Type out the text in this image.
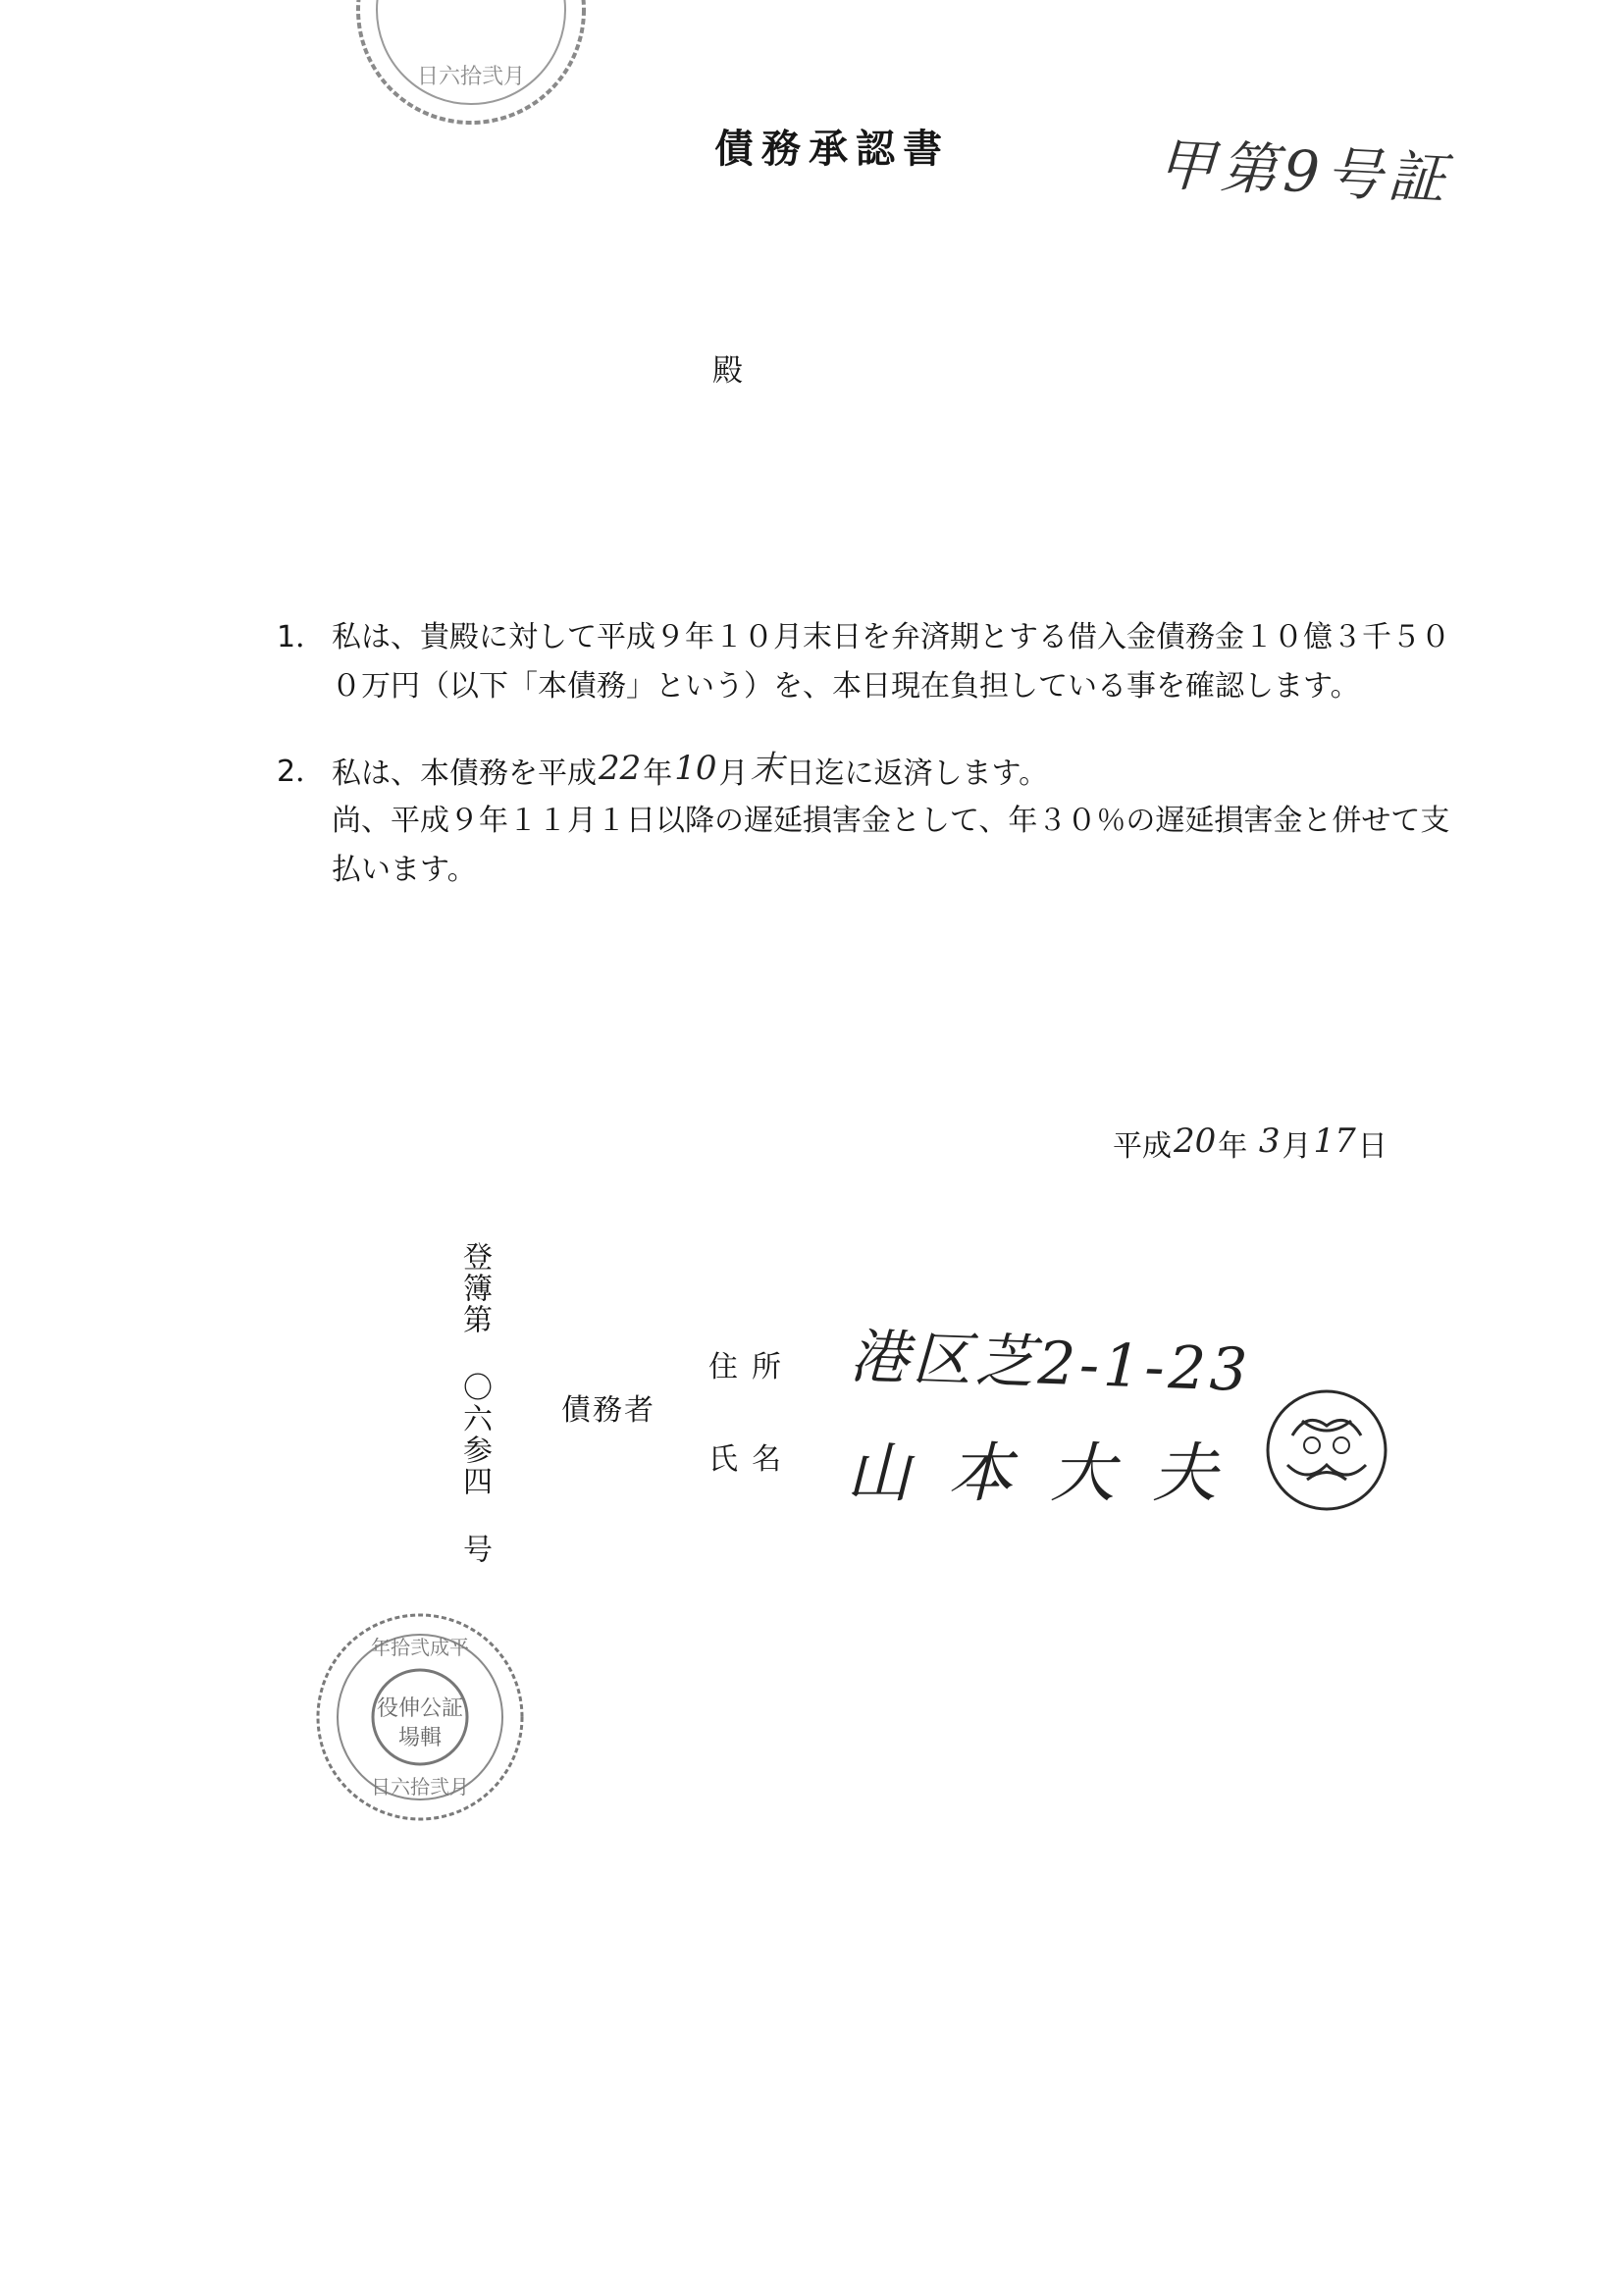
日六拾弐月
債務承認書	甲第9号証
殿
1． 私は、貴殿に対して平成９年１０月末日を弁済期とする借入金債務金１０億３千５０
０万円（以下「本債務」という）を、本日現在負担している事を確認します。
2． 私は、本債務を平成22年10月末日迄に返済します。
尚、平成９年１１月１日以降の遅延損害金として、年３０％の遅延損害金と併せて支
払います。
平成20年 3月17日
登簿第 〇六参四 号 債務者
住所 港区芝2-1-23
氏名 山本大夫
年拾弐成平
日六拾弐月
役伸公証
場輯
